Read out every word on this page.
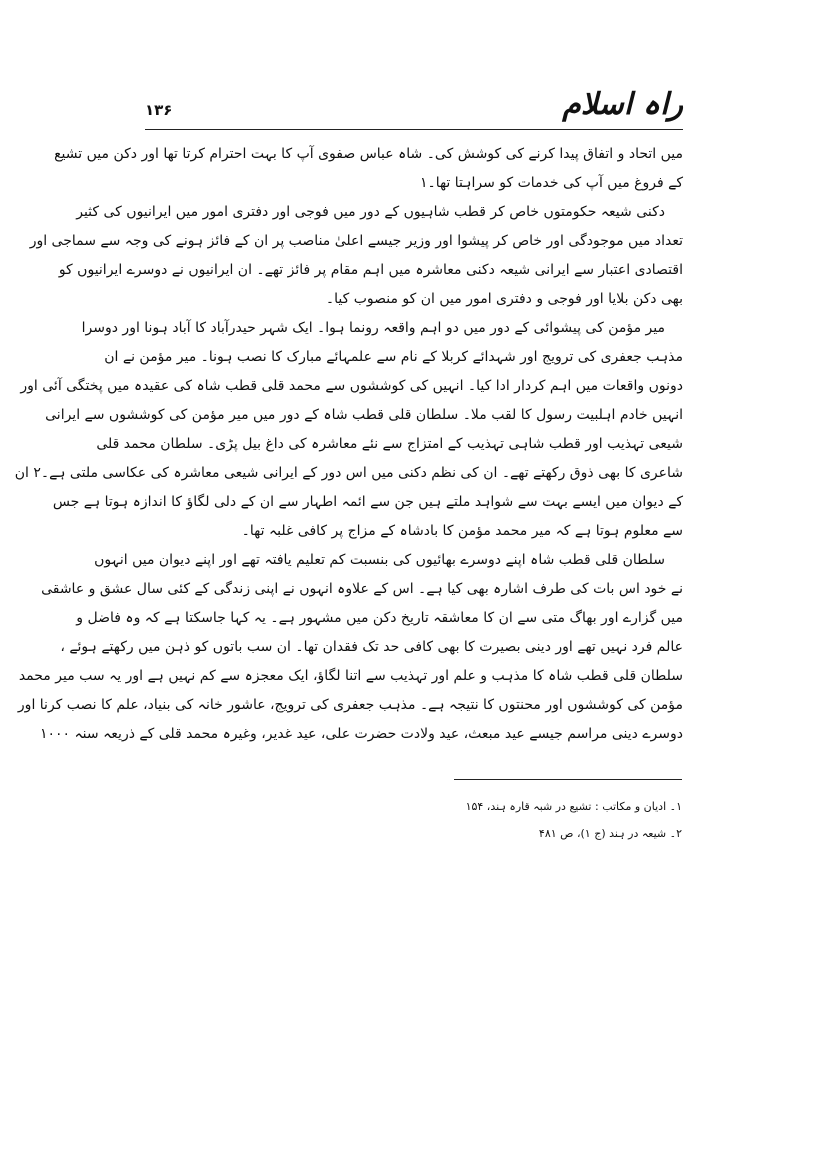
راہ اسلام
۱۳۶
میں اتحاد و اتفاق پیدا کرنے کی کوشش کی۔ شاہ عباس صفوی آپ کا بہت احترام کرتا تھا اور دکن میں تشیع
کے فروغ میں آپ کی خدمات کو سراہتا تھا۔۱
دکنی شیعہ حکومتوں خاص کر قطب شاہیوں کے دور میں فوجی اور دفتری امور میں ایرانیوں کی کثیر
تعداد میں موجودگی اور خاص کر پیشوا اور وزیر جیسے اعلیٰ مناصب پر ان کے فائز ہونے کی وجہ سے سماجی اور
اقتصادی اعتبار سے ایرانی شیعہ دکنی معاشرہ میں اہم مقام پر فائز تھے۔ ان ایرانیوں نے دوسرے ایرانیوں کو
بھی دکن بلایا اور فوجی و دفتری امور میں ان کو منصوب کیا۔
میر مؤمن کی پیشوائی کے دور میں دو اہم واقعہ رونما ہوا۔ ایک شہر حیدرآباد کا آباد ہونا اور دوسرا
مذہب جعفری کی ترویج اور شہدائے کربلا کے نام سے علمہائے مبارک کا نصب ہونا۔ میر مؤمن نے ان
دونوں واقعات میں اہم کردار ادا کیا۔ انہیں کی کوششوں سے محمد قلی قطب شاہ کی عقیدہ میں پختگی آئی اور
انہیں خادم اہلبیت رسول کا لقب ملا۔ سلطان قلی قطب شاہ کے دور میں میر مؤمن کی کوششوں سے ایرانی
شیعی تہذیب اور قطب شاہی تہذیب کے امتزاج سے نئے معاشرہ کی داغ بیل پڑی۔ سلطان محمد قلی
شاعری کا بھی ذوق رکھتے تھے۔ ان کی نظم دکنی میں اس دور کے ایرانی شیعی معاشرہ کی عکاسی ملتی ہے۔۲ ان
کے دیوان میں ایسے بہت سے شواہد ملتے ہیں جن سے ائمہ اطہار سے ان کے دلی لگاؤ کا اندازہ ہوتا ہے جس
سے معلوم ہوتا ہے کہ میر محمد مؤمن کا بادشاہ کے مزاج پر کافی غلبہ تھا۔
سلطان قلی قطب شاہ اپنے دوسرے بھائیوں کی بنسبت کم تعلیم یافتہ تھے اور اپنے دیوان میں انہوں
نے خود اس بات کی طرف اشارہ بھی کیا ہے۔ اس کے علاوہ انہوں نے اپنی زندگی کے کئی سال عشق و عاشقی
میں گزارے اور بھاگ متی سے ان کا معاشقہ تاریخ دکن میں مشہور ہے۔ یہ کہا جاسکتا ہے کہ وہ فاضل و
عالم فرد نہیں تھے اور دینی بصیرت کا بھی کافی حد تک فقدان تھا۔ ان سب باتوں کو ذہن میں رکھتے ہوئے ،
سلطان قلی قطب شاہ کا مذہب و علم اور تہذیب سے اتنا لگاؤ، ایک معجزہ سے کم نہیں ہے اور یہ سب میر محمد
مؤمن کی کوششوں اور محنتوں کا نتیجہ ہے۔ مذہب جعفری کی ترویج، عاشور خانہ کی بنیاد، علم کا نصب کرنا اور
دوسرے دینی مراسم جیسے عید مبعث، عید ولادت حضرت علی، عید غدیر، وغیرہ محمد قلی کے ذریعہ سنہ ۱۰۰۰
۱۔ ادیان و مکاتب : تشیع در شبہ قارہ ہند، ۱۵۴
۲۔ شیعہ در ہند (ج ۱)، ص ۴۸۱
